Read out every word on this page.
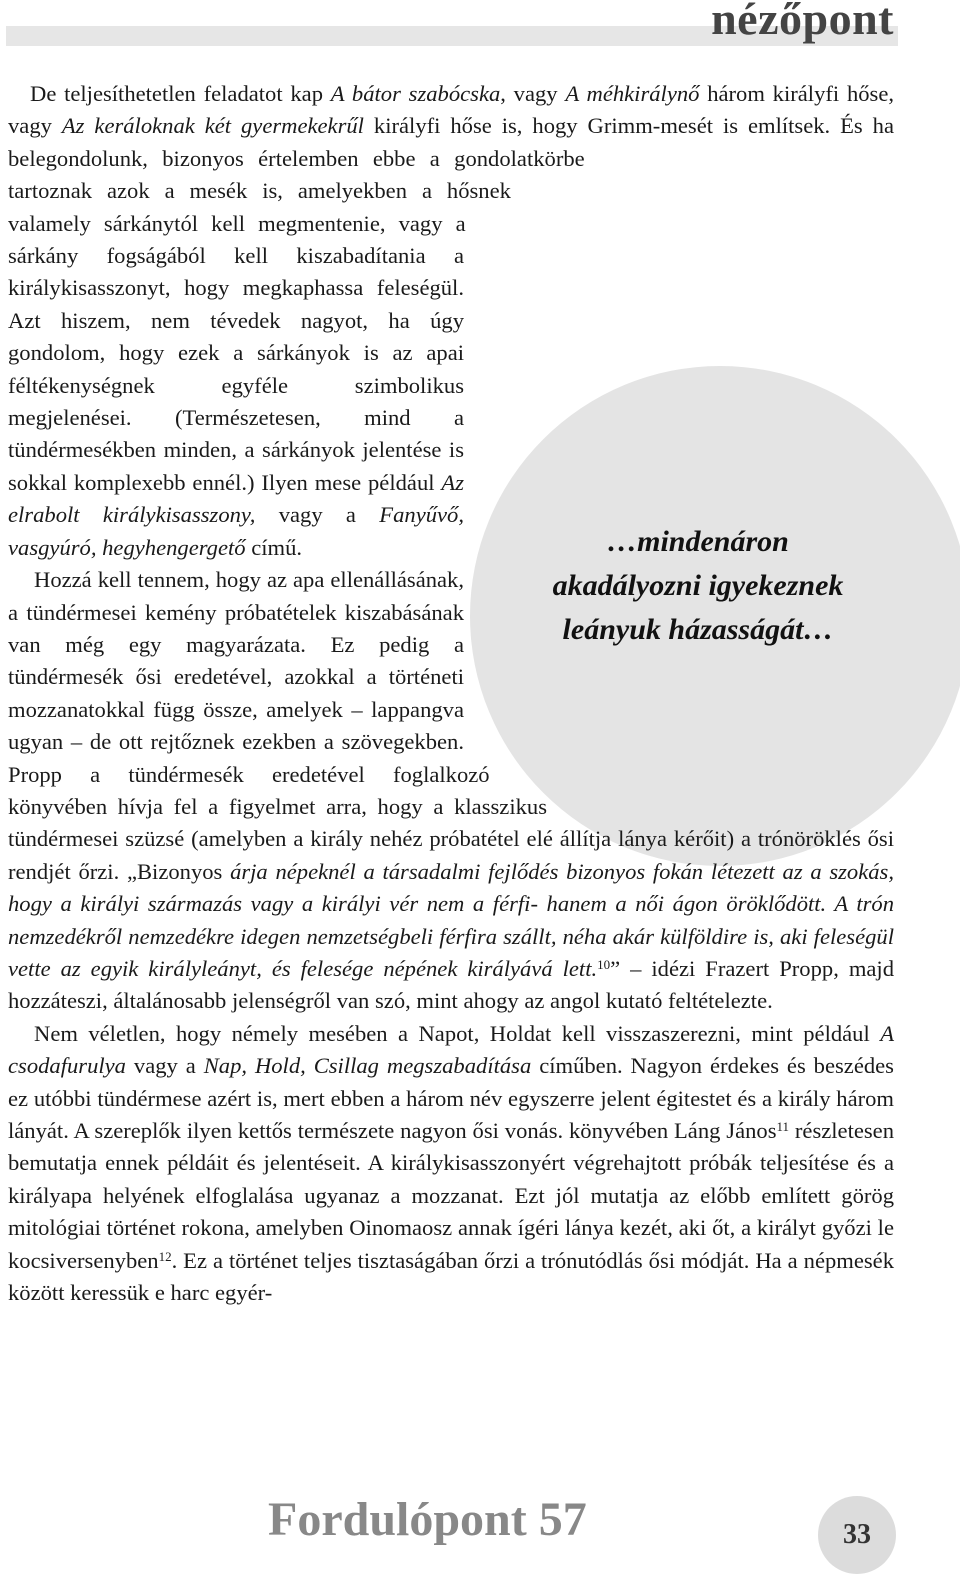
nézőpont

De teljesíthetetlen feladatot kap A bátor szabócska, vagy A méhkirálynő három királyfi hőse, vagy Az keráloknak két gyermekekrűl királyfi hőse is, hogy Grimm-mesét is említsek. És ha belegondolunk, bizonyos értelemben ebbe a gondolatkörbe tartoznak azok a mesék is, amelyekben a hősnek valamely sárkánytól kell megmentenie, vagy a sárkány fogságából kell kiszabadítania a királykisasszonyt, hogy megkaphassa feleségül. Azt hiszem, nem tévedek nagyot, ha úgy gondolom, hogy ezek a sárkányok is az apai féltékenységnek egyféle szimbolikus megjelenései. (Természetesen, mind a tündérmesékben minden, a sárkányok jelentése is sokkal komplexebb ennél.) Ilyen mese például Az elrabolt királykisasszony, vagy a Fanyűvő, vasgyúró, hegyhengergető című.

Hozzá kell tennem, hogy az apa ellenállásának, a tündérmesei kemény próbatételek kiszabásának van még egy magyarázata. Ez pedig a tündérmesék ősi eredetével, azokkal a történeti mozzanatokkal függ össze, amelyek – lappangva ugyan – de ott rejtőznek ezekben a szövegekben. Propp a tündérmesék eredetével foglalkozó könyvében hívja fel a figyelmet arra, hogy a klasszikus tündérmesei szüzsé (amelyben a király nehéz próbatétel elé állítja lánya kérőit) a trónöröklés ősi rendjét őrzi. „Bizonyos árja népeknél a társadalmi fejlődés bizonyos fokán létezett az a szokás, hogy a királyi származás vagy a királyi vér nem a férfi- hanem a női ágon öröklődött. A trón nemzedékről nemzedékre idegen nemzetségbeli férfira szállt, néha akár külföldire is, aki feleségül vette az egyik királyleányt, és felesége népének királyává lett.$^{10}$” – idézi Frazert Propp, majd hozzáteszi, általánosabb jelenségről van szó, mint ahogy az angol kutató feltételezte.

Nem véletlen, hogy némely mesében a Napot, Holdat kell visszaszerezni, mint például A csodafurulya vagy a Nap, Hold, Csillag megszabadítása címűben. Nagyon érdekes és beszédes ez utóbbi tündérmese azért is, mert ebben a három név egyszerre jelent égitestet és a király három lányát. A szereplők ilyen kettős természete nagyon ősi vonás. könyvében Láng János$^{11}$ részletesen bemutatja ennek példáit és jelentéseit. A királykisasszonyért végrehajtott próbák teljesítése és a királyapa helyének elfoglalása ugyanaz a mozzanat. Ezt jól mutatja az előbb említett görög mitológiai történet rokona, amelyben Oinomaosz annak ígéri lánya kezét, aki őt, a királyt győzi le kocsiversenyben$^{12}$. Ez a történet teljes tisztaságában őrzi a trónutódlás ősi módját. Ha a népmesék között keressük e harc egyér-

…mindenáron akadályozni igyekeznek leányuk házasságát…
Fordulópont 57	33
